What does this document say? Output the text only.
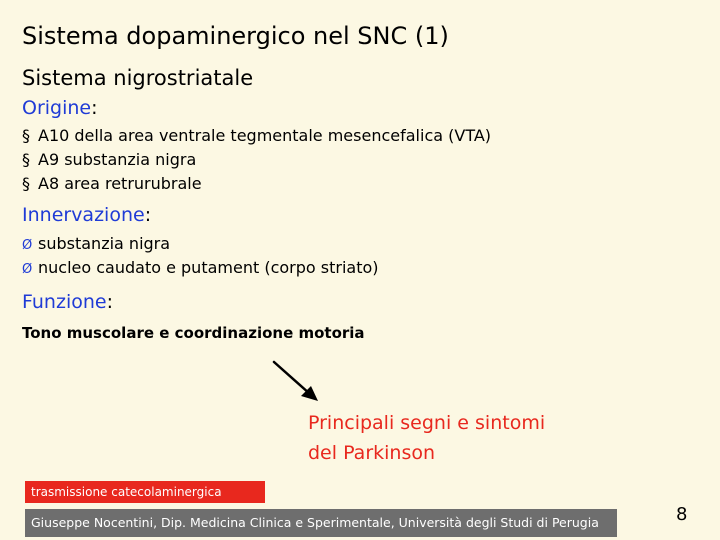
Sistema dopaminergico nel SNC (1)
Sistema nigrostriatale
Origine:
§ A10 della area ventrale tegmentale mesencefalica (VTA)
§ A9 substanzia nigra
§ A8 area retrurubrale
Innervazione:
Ø substanzia nigra
Ø nucleo caudato e putament (corpo striato)
Funzione:
Tono muscolare e coordinazione motoria
Principali segni e sintomi
del Parkinson
trasmissione catecolaminergica
Giuseppe Nocentini, Dip. Medicina Clinica e Sperimentale, Università degli Studi di Perugia	8
